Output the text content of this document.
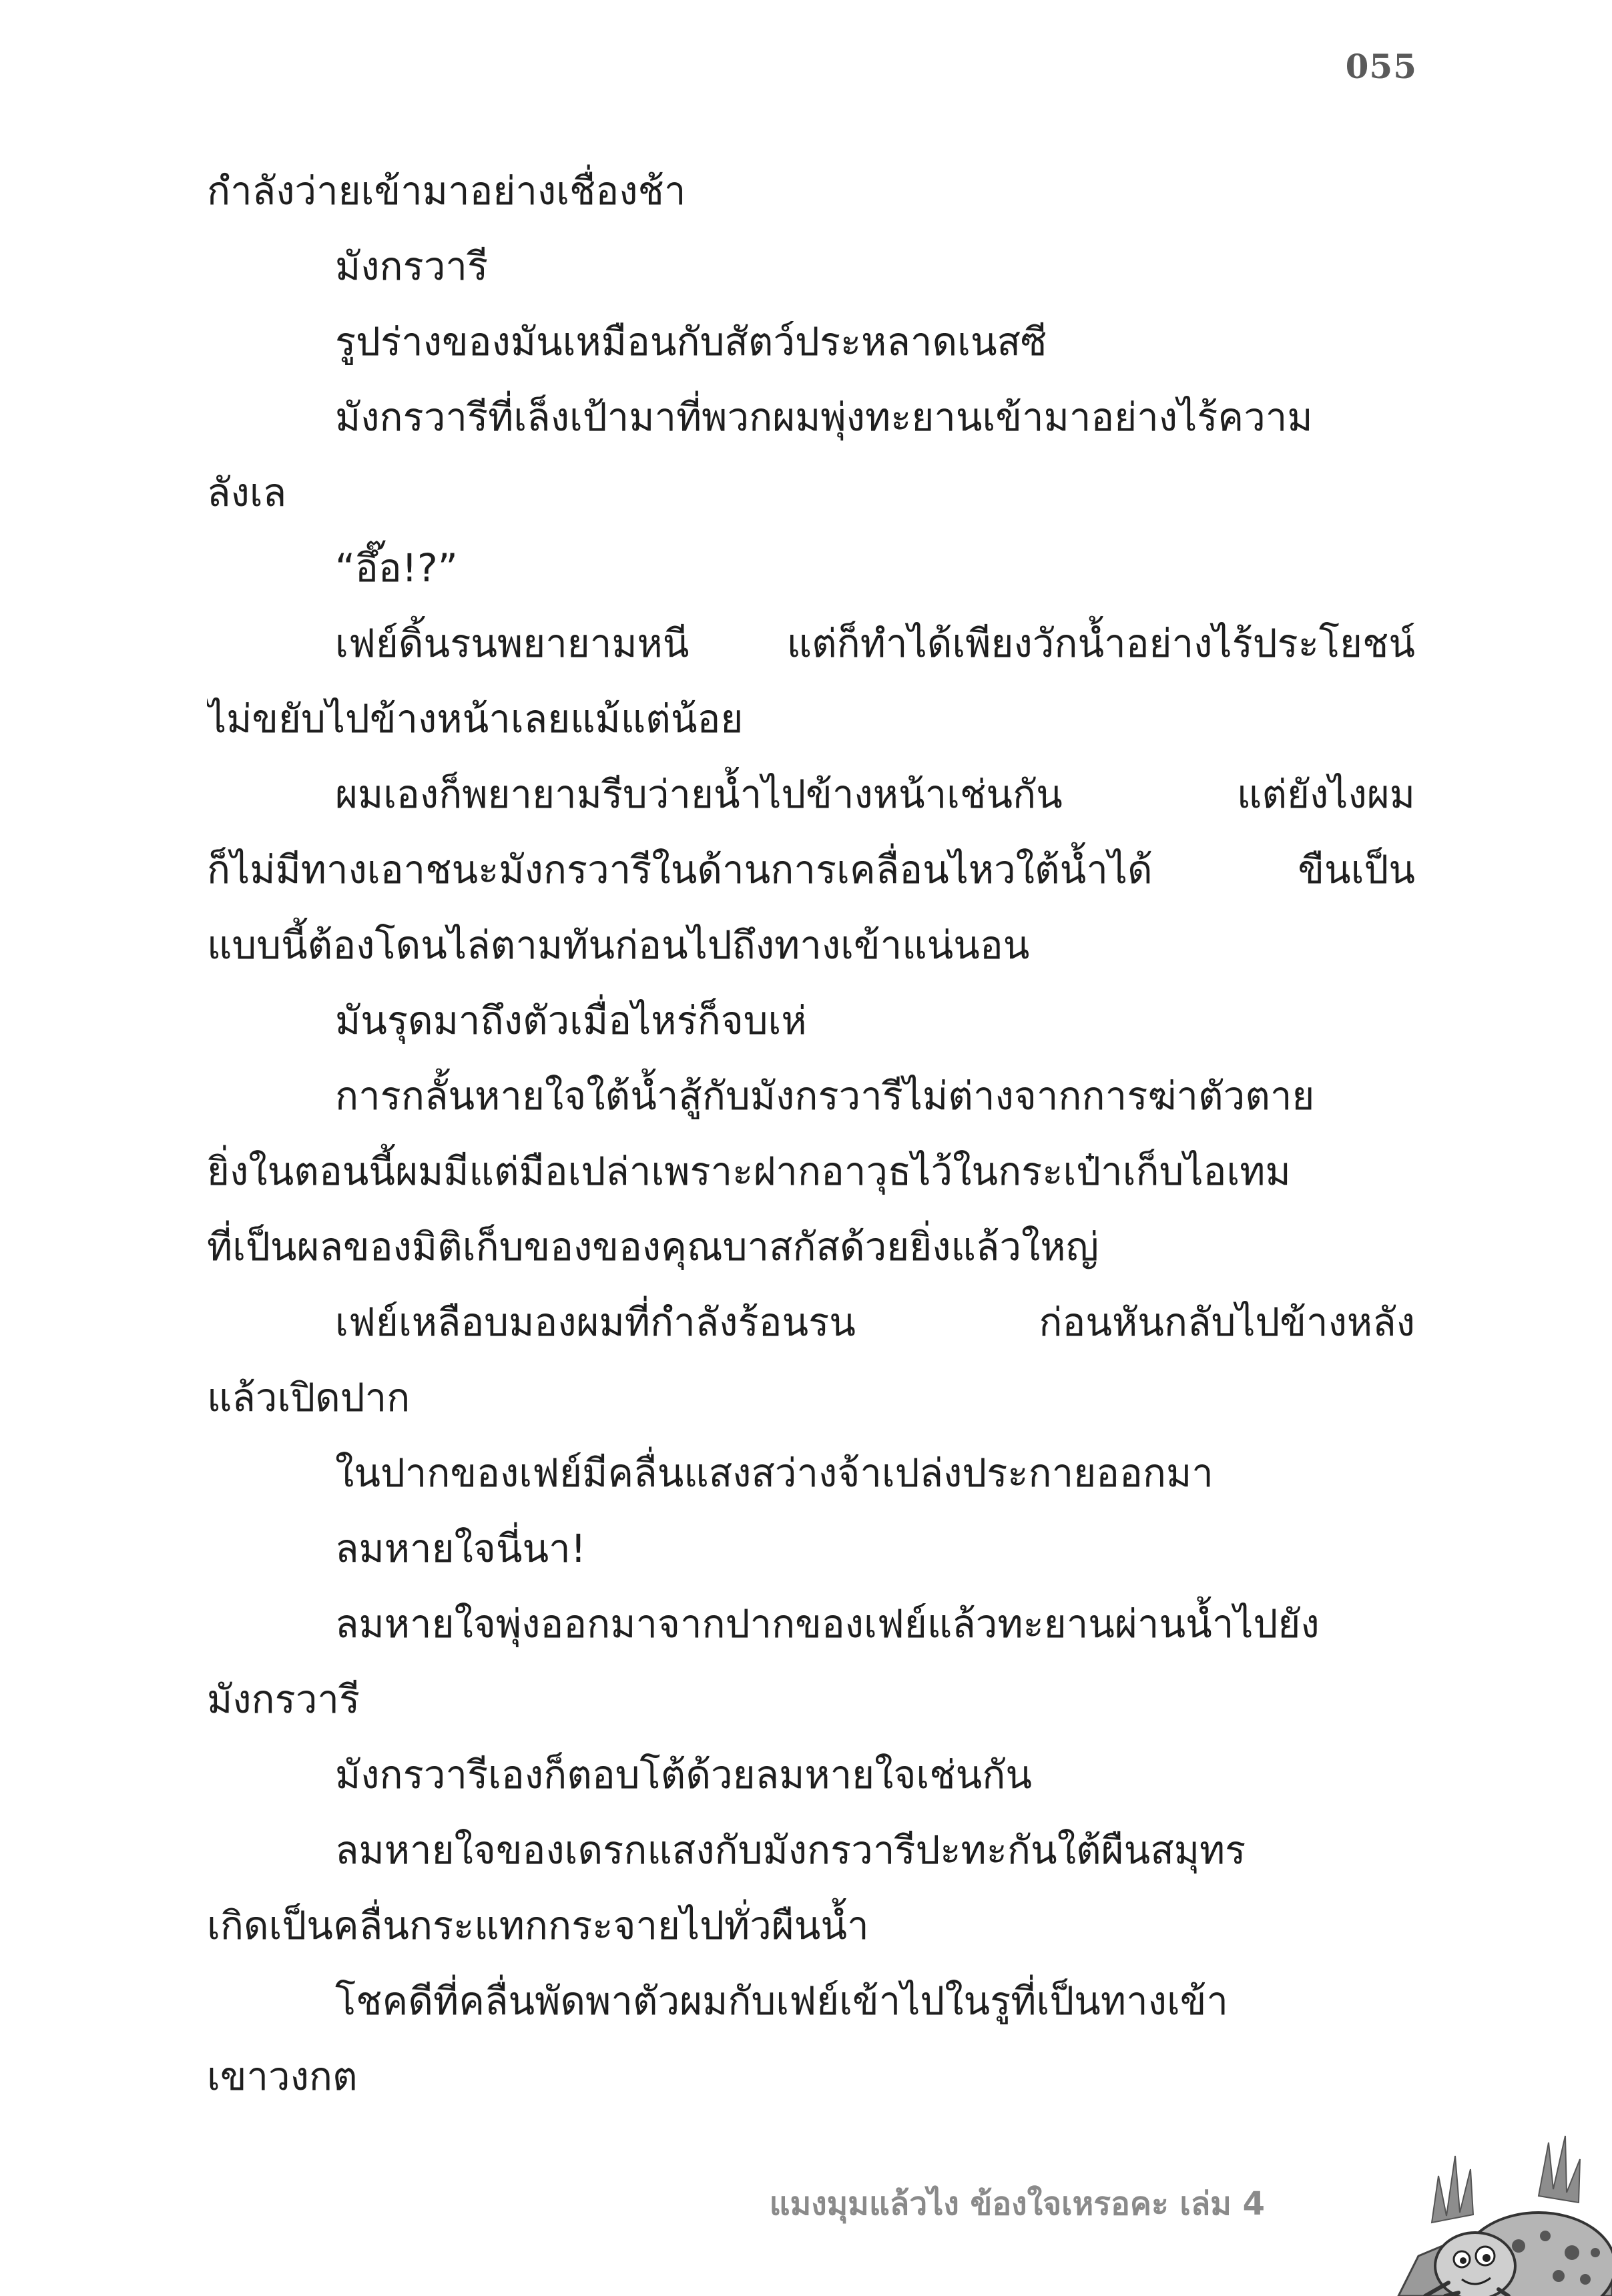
055
กำลังว่ายเข้ามาอย่างเชื่องช้า
มังกรวารี
รูปร่างของมันเหมือนกับสัตว์ประหลาดเนสซี
มังกรวารีที่เล็งเป้ามาที่พวกผมพุ่งทะยานเข้ามาอย่างไร้ความ
ลังเล
“อึ๊อ!?”
เฟย์ดิ้นรนพยายามหนี แต่ก็ทำได้เพียงวักน้ำอย่างไร้ประโยชน์
ไม่ขยับไปข้างหน้าเลยแม้แต่น้อย
ผมเองก็พยายามรีบว่ายน้ำไปข้างหน้าเช่นกัน แต่ยังไงผม
ก็ไม่มีทางเอาชนะมังกรวารีในด้านการเคลื่อนไหวใต้น้ำได้ ขืนเป็น
แบบนี้ต้องโดนไล่ตามทันก่อนไปถึงทางเข้าแน่นอน
มันรุดมาถึงตัวเมื่อไหร่ก็จบเห่
การกลั้นหายใจใต้น้ำสู้กับมังกรวารีไม่ต่างจากการฆ่าตัวตาย
ยิ่งในตอนนี้ผมมีแต่มือเปล่าเพราะฝากอาวุธไว้ในกระเป๋าเก็บไอเทม
ที่เป็นผลของมิติเก็บของของคุณบาสกัสด้วยยิ่งแล้วใหญ่
เฟย์เหลือบมองผมที่กำลังร้อนรน ก่อนหันกลับไปข้างหลัง
แล้วเปิดปาก
ในปากของเฟย์มีคลื่นแสงสว่างจ้าเปล่งประกายออกมา
ลมหายใจนี่นา!
ลมหายใจพุ่งออกมาจากปากของเฟย์แล้วทะยานผ่านน้ำไปยัง
มังกรวารี
มังกรวารีเองก็ตอบโต้ด้วยลมหายใจเช่นกัน
ลมหายใจของเดรกแสงกับมังกรวารีปะทะกันใต้ผืนสมุทร
เกิดเป็นคลื่นกระแทกกระจายไปทั่วผืนน้ำ
โชคดีที่คลื่นพัดพาตัวผมกับเฟย์เข้าไปในรูที่เป็นทางเข้า
เขาวงกต
แมงมุมแล้วไง ข้องใจเหรอคะ เล่ม 4
